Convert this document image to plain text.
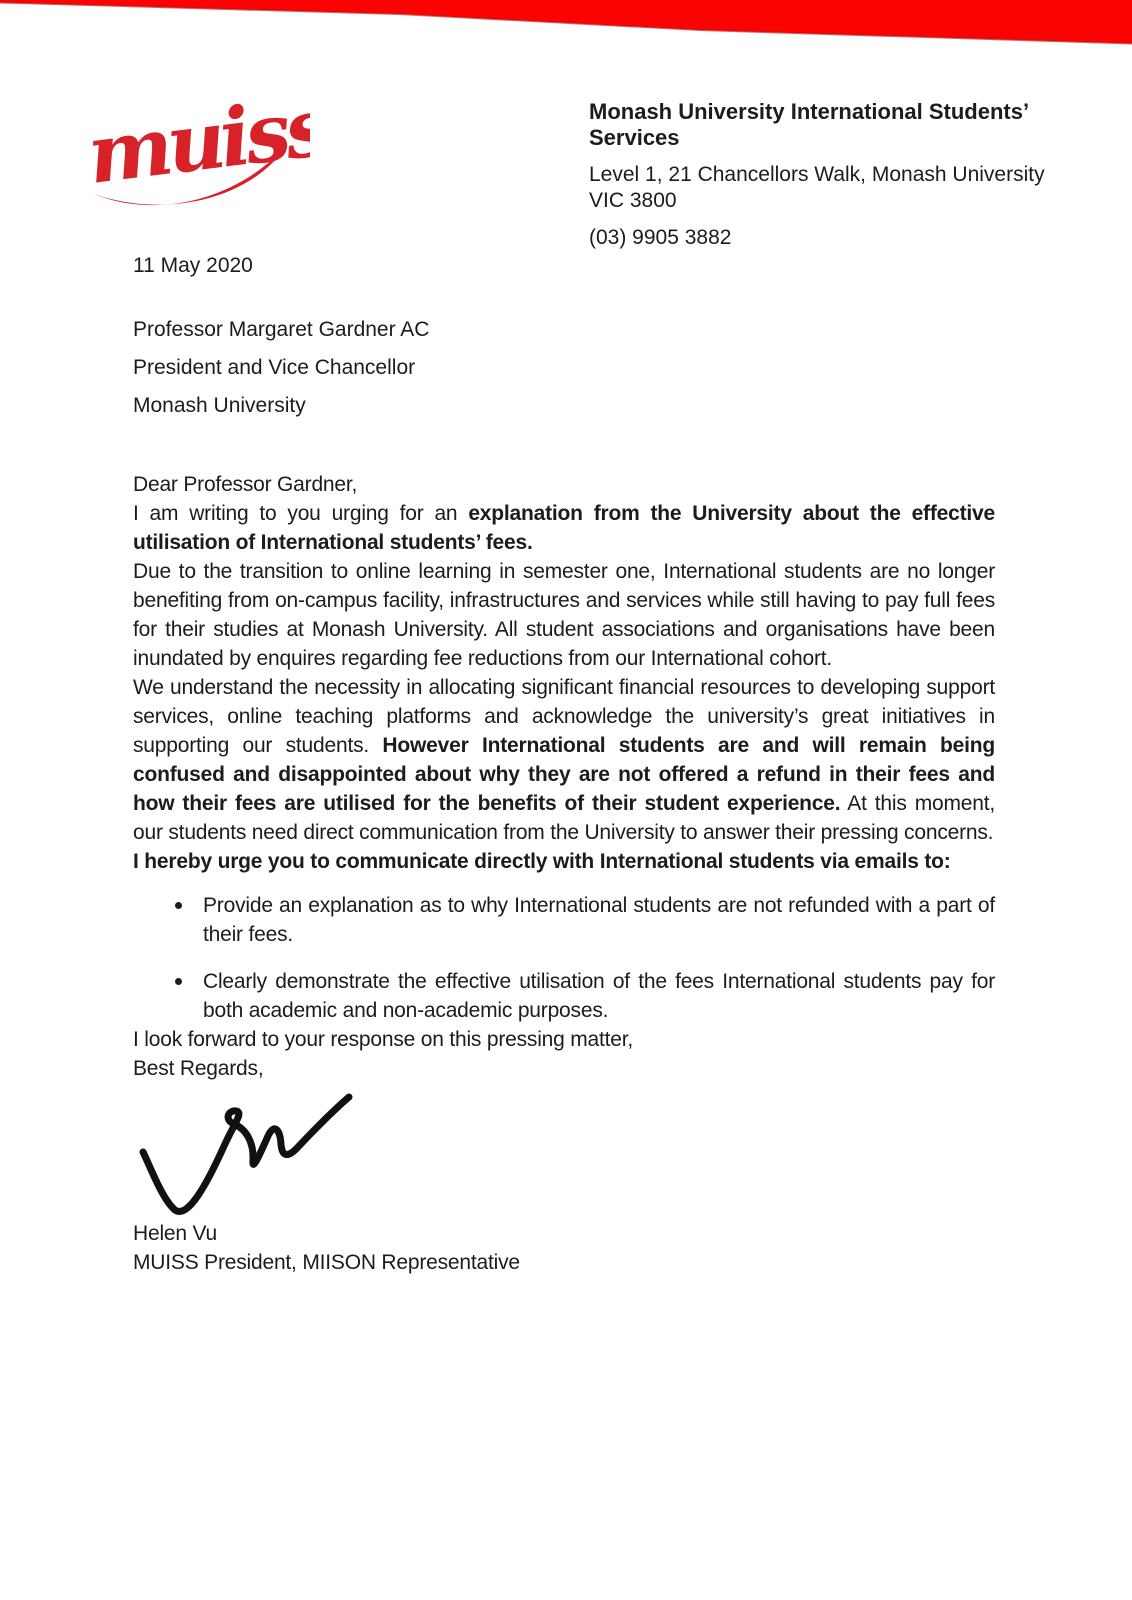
muiss	Monash University International Students’ Services

Level 1, 21 Chancellors Walk, Monash University VIC 3800

(03) 9905 3882

11 May 2020
Professor Margaret Gardner AC
President and Vice Chancellor
Monash University

Dear Professor Gardner,

I am writing to you urging for an explanation from the University about the effective utilisation of International students’ fees.

Due to the transition to online learning in semester one, International students are no longer benefiting from on-campus facility, infrastructures and services while still having to pay full fees for their studies at Monash University. All student associations and organisations have been inundated by enquires regarding fee reductions from our International cohort.

We understand the necessity in allocating significant financial resources to developing support services, online teaching platforms and acknowledge the university’s great initiatives in supporting our students. However International students are and will remain being confused and disappointed about why they are not offered a refund in their fees and how their fees are utilised for the benefits of their student experience. At this moment, our students need direct communication from the University to answer their pressing concerns.

I hereby urge you to communicate directly with International students via emails to:

Provide an explanation as to why International students are not refunded with a part of their fees.
Clearly demonstrate the effective utilisation of the fees International students pay for both academic and non-academic purposes.

I look forward to your response on this pressing matter,

Best Regards,

Helen Vu

MUISS President, MIISON Representative
